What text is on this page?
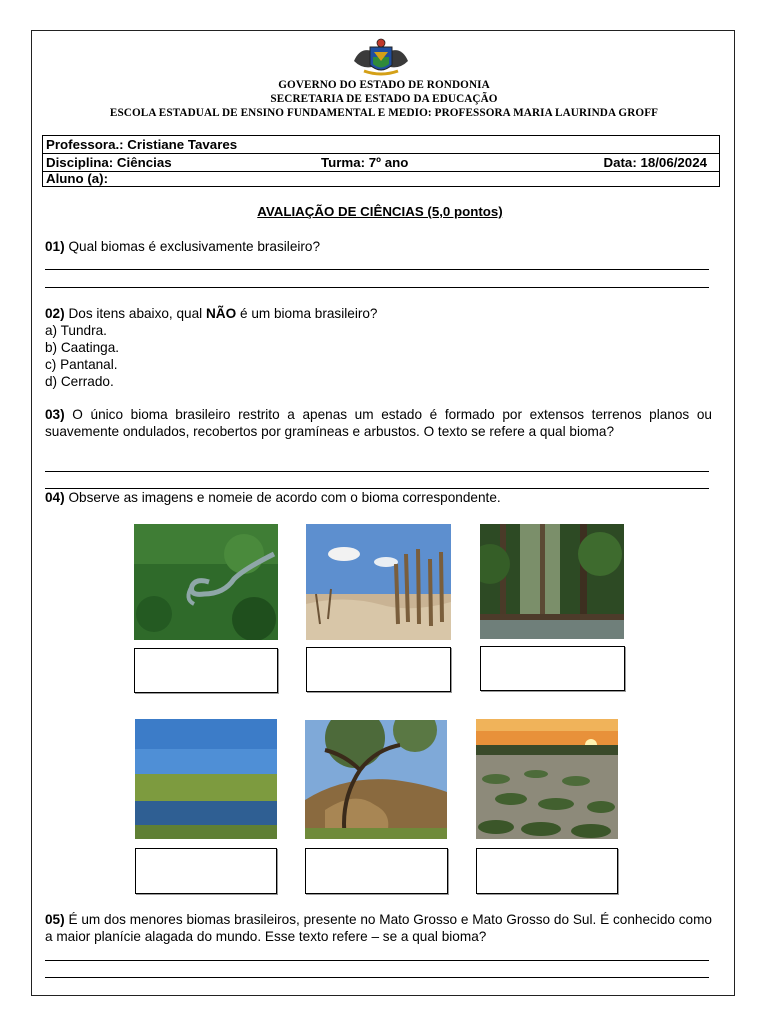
GOVERNO DO ESTADO DE RONDONIA
SECRETARIA DE ESTADO DA EDUCAÇÃO
ESCOLA ESTADUAL DE ENSINO FUNDAMENTAL E MEDIO: PROFESSORA MARIA LAURINDA GROFF
Professora.: Cristiane Tavares
Disciplina: Ciências	Turma: 7º ano	Data: 18/06/2024
Aluno (a):
AVALIAÇÃO DE CIÊNCIAS (5,0 pontos)
01) Qual biomas é exclusivamente brasileiro?
02) Dos itens abaixo, qual NÃO é um bioma brasileiro?
a) Tundra.
b) Caatinga.
c) Pantanal.
d) Cerrado.
03) O único bioma brasileiro restrito a apenas um estado é formado por extensos terrenos planos ou suavemente ondulados, recobertos por gramíneas e arbustos. O texto se refere a qual bioma?
04) Observe as imagens e nomeie de acordo com o bioma correspondente.
05) É um dos menores biomas brasileiros, presente no Mato Grosso e Mato Grosso do Sul. É conhecido como a maior planície alagada do mundo. Esse texto refere – se a qual bioma?
